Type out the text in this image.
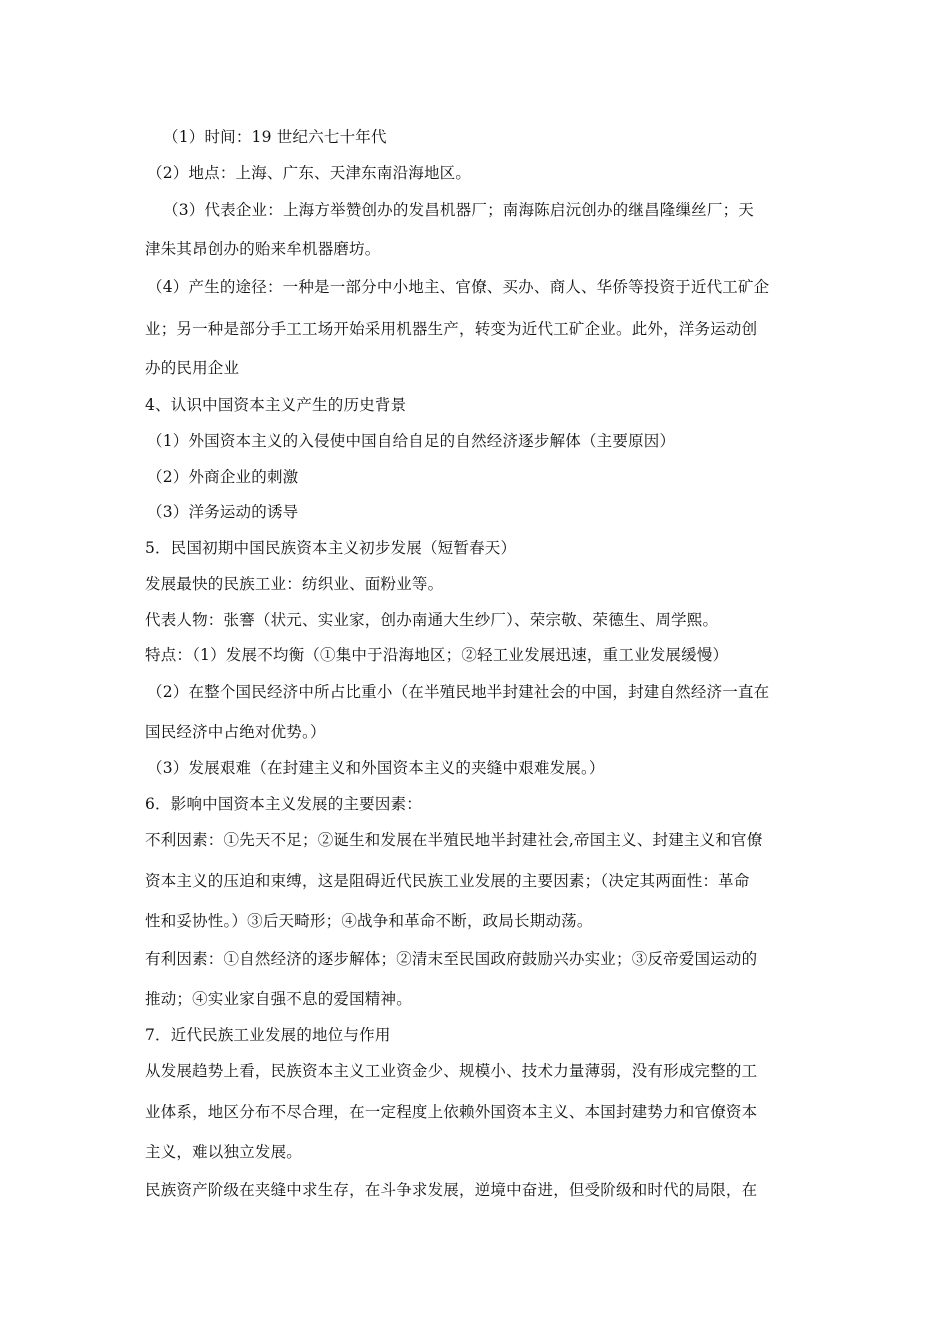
（1）时间：19 世纪六七十年代
（2）地点：上海、广东、天津东南沿海地区。
（3）代表企业：上海方举赞创办的发昌机器厂；南海陈启沅创办的继昌隆缫丝厂；天
津朱其昂创办的贻来牟机器磨坊。
（4）产生的途径：一种是一部分中小地主、官僚、买办、商人、华侨等投资于近代工矿企
业；另一种是部分手工工场开始采用机器生产，转变为近代工矿企业。此外，洋务运动创
办的民用企业
4、认识中国资本主义产生的历史背景
（1）外国资本主义的入侵使中国自给自足的自然经济逐步解体（主要原因）
（2）外商企业的刺激
（3）洋务运动的诱导
5．民国初期中国民族资本主义初步发展（短暂春天）
发展最快的民族工业：纺织业、面粉业等。
代表人物：张謇（状元、实业家，创办南通大生纱厂）、荣宗敬、荣德生、周学熙。
特点：（1）发展不均衡（①集中于沿海地区；②轻工业发展迅速，重工业发展缓慢）
（2）在整个国民经济中所占比重小（在半殖民地半封建社会的中国，封建自然经济一直在
国民经济中占绝对优势。）
（3）发展艰难（在封建主义和外国资本主义的夹缝中艰难发展。）
6．影响中国资本主义发展的主要因素：
不利因素：①先天不足；②诞生和发展在半殖民地半封建社会,帝国主义、封建主义和官僚
资本主义的压迫和束缚，这是阻碍近代民族工业发展的主要因素；（决定其两面性：革命
性和妥协性。）③后天畸形；④战争和革命不断，政局长期动荡。
有利因素：①自然经济的逐步解体；②清末至民国政府鼓励兴办实业；③反帝爱国运动的
推动；④实业家自强不息的爱国精神。
7．近代民族工业发展的地位与作用
从发展趋势上看，民族资本主义工业资金少、规模小、技术力量薄弱，没有形成完整的工
业体系，地区分布不尽合理，在一定程度上依赖外国资本主义、本国封建势力和官僚资本
主义，难以独立发展。
民族资产阶级在夹缝中求生存，在斗争求发展，逆境中奋进，但受阶级和时代的局限，在
